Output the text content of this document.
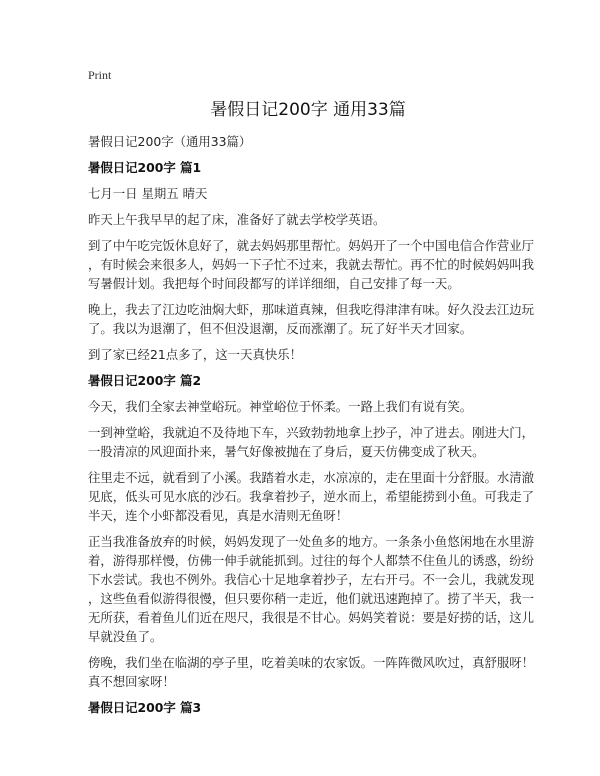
Print
暑假日记200字 通用33篇
暑假日记200字（通用33篇）
暑假日记200字 篇1
七月一日 星期五 晴天
昨天上午我早早的起了床，准备好了就去学校学英语。
到了中午吃完饭休息好了，就去妈妈那里帮忙。妈妈开了一个中国电信合作营业厅
，有时候会来很多人，妈妈一下子忙不过来，我就去帮忙。再不忙的时候妈妈叫我
写暑假计划。我把每个时间段都写的详详细细，自己安排了每一天。
晚上，我去了江边吃油焖大虾，那味道真辣，但我吃得津津有味。好久没去江边玩
了。我以为退潮了，但不但没退潮，反而涨潮了。玩了好半天才回家。
到了家已经21点多了，这一天真快乐！
暑假日记200字 篇2
今天，我们全家去神堂峪玩。神堂峪位于怀柔。一路上我们有说有笑。
一到神堂峪，我就迫不及待地下车，兴致勃勃地拿上抄子，冲了进去。刚进大门，
一股清凉的风迎面扑来，暑气好像被抛在了身后，夏天仿佛变成了秋天。
往里走不远，就看到了小溪。我踏着水走，水凉凉的，走在里面十分舒服。水清澈
见底，低头可见水底的沙石。我拿着抄子，逆水而上，希望能捞到小鱼。可我走了
半天，连个小虾都没看见，真是水清则无鱼呀！
正当我准备放弃的时候，妈妈发现了一处鱼多的地方。一条条小鱼悠闲地在水里游
着，游得那样慢，仿佛一伸手就能抓到。过往的每个人都禁不住鱼儿的诱惑，纷纷
下水尝试。我也不例外。我信心十足地拿着抄子，左右开弓。不一会儿，我就发现
，这些鱼看似游得很慢，但只要你稍一走近，他们就迅速跑掉了。捞了半天，我一
无所获，看着鱼儿们近在咫尺，我很是不甘心。妈妈笑着说：要是好捞的话，这儿
早就没鱼了。
傍晚，我们坐在临湖的亭子里，吃着美味的农家饭。一阵阵微风吹过，真舒服呀！
真不想回家呀！
暑假日记200字 篇3
